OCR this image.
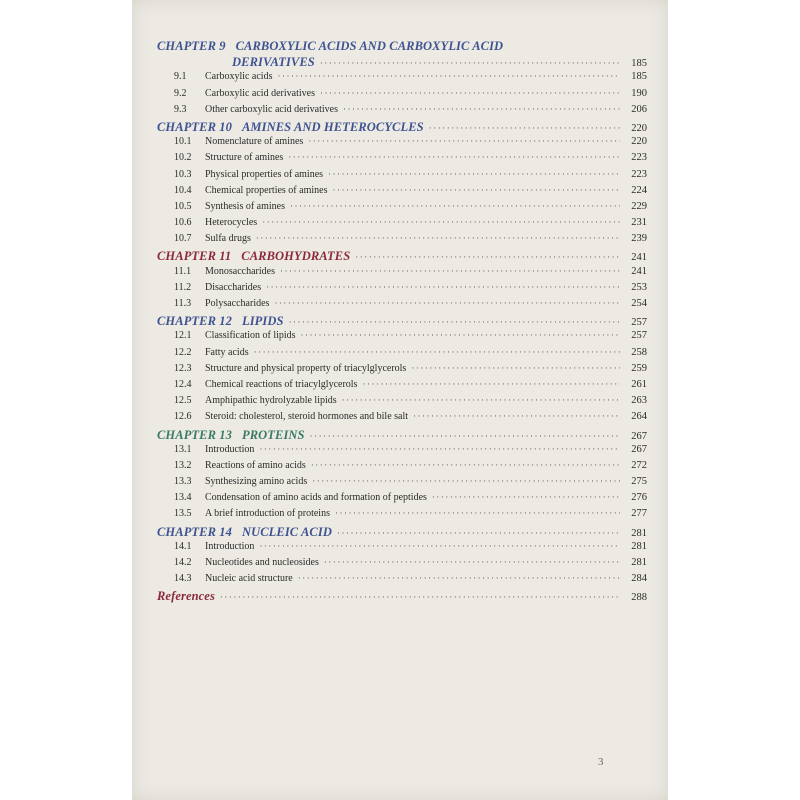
CHAPTER 9 CARBOXYLIC ACIDS AND CARBOXYLIC ACID
DERIVATIVES ·····	185
9.1 Carboxylic acids ·····	185
9.2 Carboxylic acid derivatives ·····	190
9.3 Other carboxylic acid derivatives ·····	206
CHAPTER 10 AMINES AND HETEROCYCLES ·····	220
10.1 Nomenclature of amines ·····	220
10.2 Structure of amines ·····	223
10.3 Physical properties of amines ·····	223
10.4 Chemical properties of amines ·····	224
10.5 Synthesis of amines ·····	229
10.6 Heterocycles ·····	231
10.7 Sulfa drugs ·····	239
CHAPTER 11 CARBOHYDRATES ·····	241
11.1 Monosaccharides ·····	241
11.2 Disaccharides ·····	253
11.3 Polysaccharides ·····	254
CHAPTER 12 LIPIDS ·····	257
12.1 Classification of lipids ·····	257
12.2 Fatty acids ·····	258
12.3 Structure and physical property of triacylglycerols ·····	259
12.4 Chemical reactions of triacylglycerols ·····	261
12.5 Amphipathic hydrolyzable lipids ·····	263
12.6 Steroid: cholesterol, steroid hormones and bile salt ·····	264
CHAPTER 13 PROTEINS ·····	267
13.1 Introduction ·····	267
13.2 Reactions of amino acids ·····	272
13.3 Synthesizing amino acids ·····	275
13.4 Condensation of amino acids and formation of peptides ·····	276
13.5 A brief introduction of proteins ·····	277
CHAPTER 14 NUCLEIC ACID ·····	281
14.1 Introduction ·····	281
14.2 Nucleotides and nucleosides ·····	281
14.3 Nucleic acid structure ·····	284
References ·····	288
3
